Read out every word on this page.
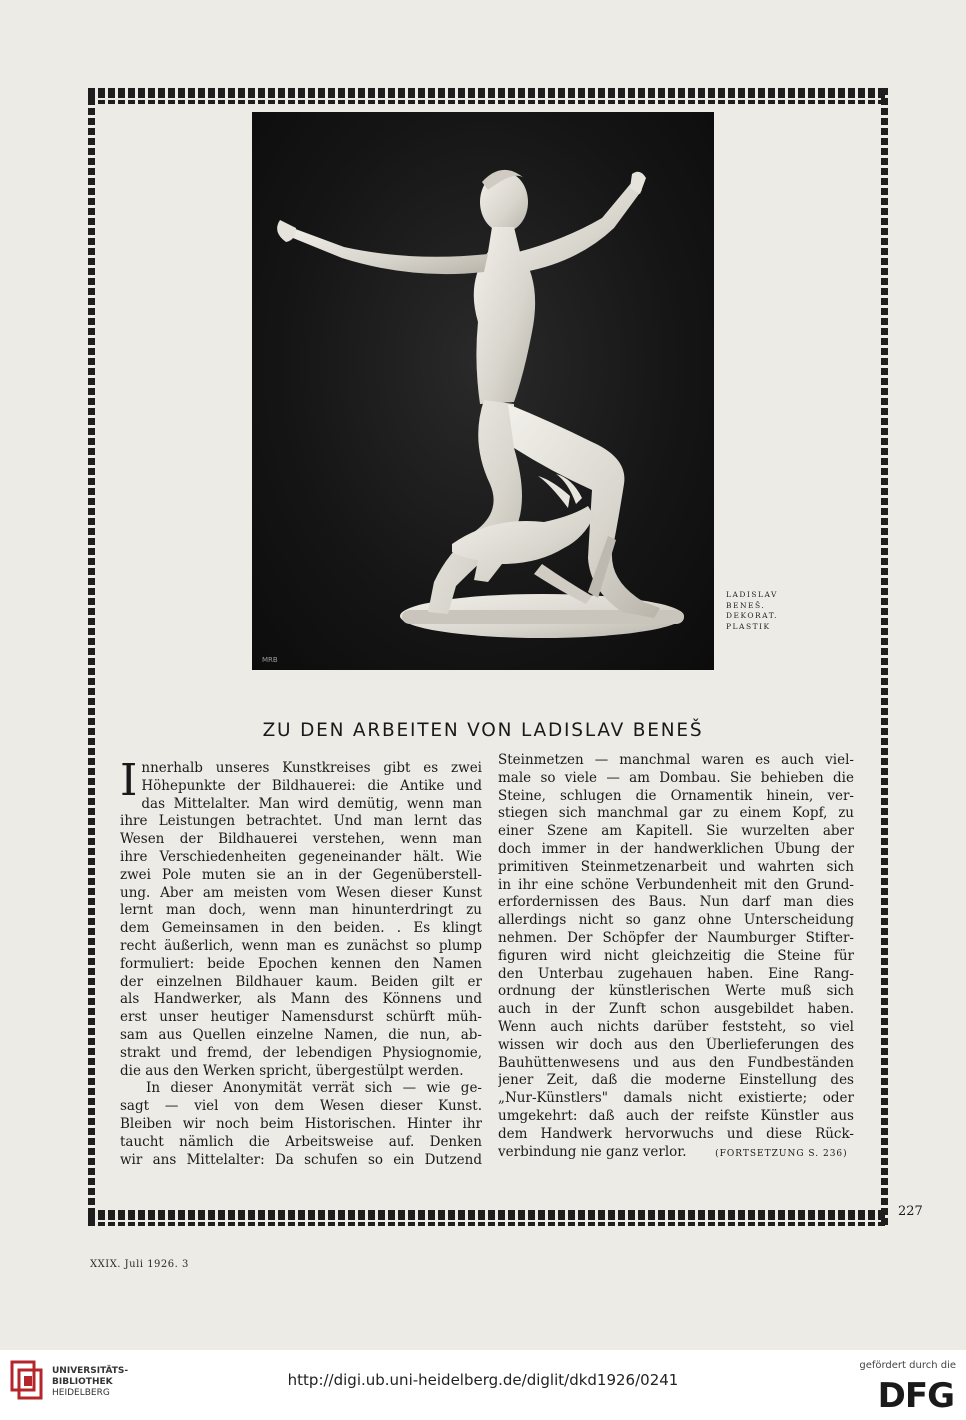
MRB
LADISLAV
BENEŠ.
DEKORAT.
PLASTIK
ZU DEN ARBEITEN VON LADISLAV BENEŠ
I nnerhalb unseres Kunstkreises gibt es zwei
Höhepunkte der Bildhauerei: die Antike und
das Mittelalter. Man wird demütig, wenn man
ihre Leistungen betrachtet. Und man lernt das
Wesen der Bildhauerei verstehen, wenn man
ihre Verschiedenheiten gegeneinander hält. Wie
zwei Pole muten sie an in der Gegenüberstell-
ung. Aber am meisten vom Wesen dieser Kunst
lernt man doch, wenn man hinunterdringt zu
dem Gemeinsamen in den beiden. . Es klingt
recht äußerlich, wenn man es zunächst so plump
formuliert: beide Epochen kennen den Namen
der einzelnen Bildhauer kaum. Beiden gilt er
als Handwerker, als Mann des Könnens und
erst unser heutiger Namensdurst schürft müh-
sam aus Quellen einzelne Namen, die nun, ab-
strakt und fremd, der lebendigen Physiognomie,
die aus den Werken spricht, übergestülpt werden.
In dieser Anonymität verrät sich — wie ge-
sagt — viel von dem Wesen dieser Kunst.
Bleiben wir noch beim Historischen. Hinter ihr
taucht nämlich die Arbeitsweise auf. Denken
wir ans Mittelalter: Da schufen so ein Dutzend
Steinmetzen — manchmal waren es auch viel-
male so viele — am Dombau. Sie behieben die
Steine, schlugen die Ornamentik hinein, ver-
stiegen sich manchmal gar zu einem Kopf, zu
einer Szene am Kapitell. Sie wurzelten aber
doch immer in der handwerklichen Übung der
primitiven Steinmetzenarbeit und wahrten sich
in ihr eine schöne Verbundenheit mit den Grund-
erfordernissen des Baus. Nun darf man dies
allerdings nicht so ganz ohne Unterscheidung
nehmen. Der Schöpfer der Naumburger Stifter-
figuren wird nicht gleichzeitig die Steine für
den Unterbau zugehauen haben. Eine Rang-
ordnung der künstlerischen Werte muß sich
auch in der Zunft schon ausgebildet haben.
Wenn auch nichts darüber feststeht, so viel
wissen wir doch aus den Überlieferungen des
Bauhüttenwesens und aus den Fundbeständen
jener Zeit, daß die moderne Einstellung des
„Nur-Künstlers" damals nicht existierte; oder
umgekehrt: daß auch der reifste Künstler aus
dem Handwerk hervorwuchs und diese Rück-
verbindung nie ganz verlor.	(FORTSETZUNG S. 236)
227
XXIX. Juli 1926. 3
UNIVERSITÄTS-
BIBLIOTHEK
HEIDELBERG
http://digi.ub.uni-heidelberg.de/diglit/dkd1926/0241
gefördert durch die
DFG
